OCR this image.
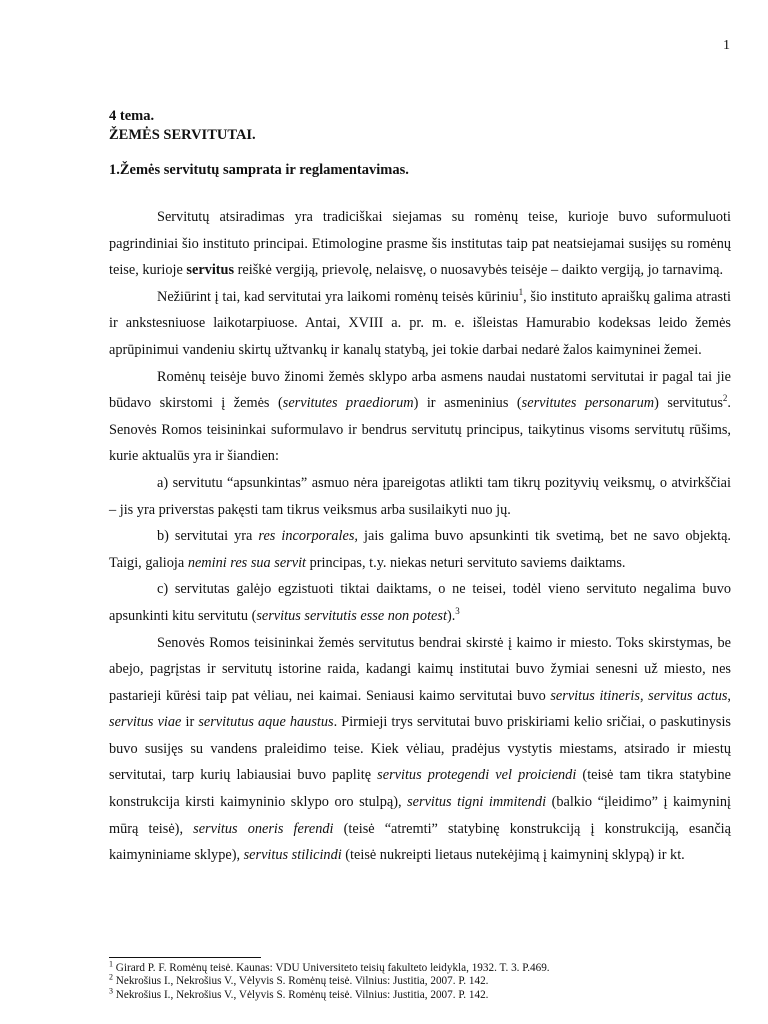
1
4 tema.
ŽEMĖS SERVITUTAI.
1.Žemės servitutų samprata ir reglamentavimas.

Servitutų atsiradimas yra tradiciškai siejamas su romėnų teise, kurioje buvo suformuluoti pagrindiniai šio instituto principai. Etimologine prasme šis institutas taip pat neatsiejamai susijęs su romėnų teise, kurioje servitus reiškė vergiją, prievolę, nelaisvę, o nuosavybės teisėje – daikto vergiją, jo tarnavimą.

Nežiūrint į tai, kad servitutai yra laikomi romėnų teisės kūriniu$^1$, šio instituto apraiškų galima atrasti ir ankstesniuose laikotarpiuose. Antai, XVIII a. pr. m. e. išleistas Hamurabio kodeksas leido žemės aprūpinimui vandeniu skirtų užtvankų ir kanalų statybą, jei tokie darbai nedarė žalos kaimyninei žemei.

Romėnų teisėje buvo žinomi žemės sklypo arba asmens naudai nustatomi servitutai ir pagal tai jie būdavo skirstomi į žemės (servitutes praediorum) ir asmeninius (servitutes personarum) servitutus$^2$. Senovės Romos teisininkai suformulavo ir bendrus servitutų principus, taikytinus visoms servitutų rūšims, kurie aktualūs yra ir šiandien:

a) servitutu “apsunkintas” asmuo nėra įpareigotas atlikti tam tikrų pozityvių veiksmų, o atvirkščiai – jis yra priverstas pakęsti tam tikrus veiksmus arba susilaikyti nuo jų.

b) servitutai yra res incorporales, jais galima buvo apsunkinti tik svetimą, bet ne savo objektą. Taigi, galioja nemini res sua servit principas, t.y. niekas neturi servituto saviems daiktams.

c) servitutas galėjo egzistuoti tiktai daiktams, o ne teisei, todėl vieno servituto negalima buvo apsunkinti kitu servitutu (servitus servitutis esse non potest).$^3$

Senovės Romos teisininkai žemės servitutus bendrai skirstė į kaimo ir miesto. Toks skirstymas, be abejo, pagrįstas ir servitutų istorine raida, kadangi kaimų institutai buvo žymiai senesni už miesto, nes pastarieji kūrėsi taip pat vėliau, nei kaimai. Seniausi kaimo servitutai buvo servitus itineris, servitus actus, servitus viae ir servitutus aque haustus. Pirmieji trys servitutai buvo priskiriami kelio sričiai, o paskutinysis buvo susijęs su vandens praleidimo teise. Kiek vėliau, pradėjus vystytis miestams, atsirado ir miestų servitutai, tarp kurių labiausiai buvo paplitę servitus protegendi vel proiciendi (teisė tam tikra statybine konstrukcija kirsti kaimyninio sklypo oro stulpą), servitus tigni immitendi (balkio “įleidimo” į kaimyninį mūrą teisė), servitus oneris ferendi (teisė “atremti” statybinę konstrukciją į konstrukciją, esančią kaimyniniame sklype), servitus stilicindi (teisė nukreipti lietaus nutekėjimą į kaimyninį sklypą) ir kt.

$^1$ Girard P. F. Romėnų teisė. Kaunas: VDU Universiteto teisių fakulteto leidykla, 1932. T. 3. P.469.
$^2$ Nekrošius I., Nekrošius V., Vėlyvis S. Romėnų teisė. Vilnius: Justitia, 2007. P. 142.
$^3$ Nekrošius I., Nekrošius V., Vėlyvis S. Romėnų teisė. Vilnius: Justitia, 2007. P. 142.
